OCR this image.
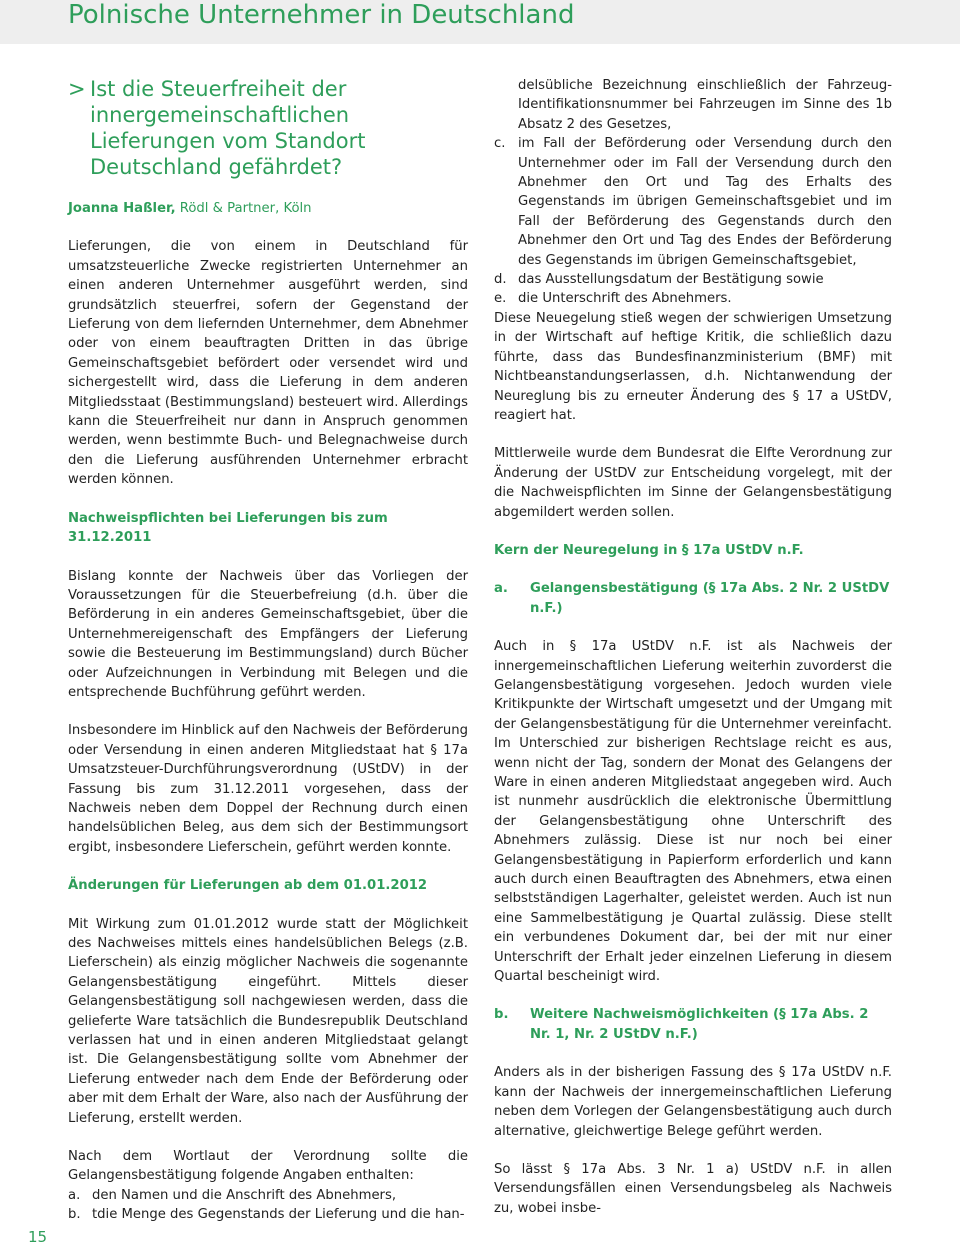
Polnische Unternehmer in Deutschland
> Ist die Steuerfreiheit der innergemeinschaftlichen Lieferungen vom Standort Deutschland gefährdet?

Joanna Haßler, Rödl & Partner, Köln

Lieferungen, die von einem in Deutschland für umsatzsteuerliche Zwecke registrierten Unternehmer an einen anderen Unternehmer ausgeführt werden, sind grundsätzlich steuerfrei, sofern der Gegenstand der Lieferung von dem liefernden Unternehmer, dem Abnehmer oder von einem beauftragten Dritten in das übrige Gemeinschaftsgebiet befördert oder versendet wird und sichergestellt wird, dass die Lieferung in dem anderen Mitgliedsstaat (Bestimmungsland) besteuert wird. Allerdings kann die Steuerfreiheit nur dann in Anspruch genommen werden, wenn bestimmte Buch- und Belegnachweise durch den die Lieferung ausführenden Unternehmer erbracht werden können.

Nachweispflichten bei Lieferungen bis zum 31.12.2011

Bislang konnte der Nachweis über das Vorliegen der Voraussetzungen für die Steuerbefreiung (d.h. über die Beförderung in ein anderes Gemeinschaftsgebiet, über die Unternehmereigenschaft des Empfängers der Lieferung sowie die Besteuerung im Bestimmungsland) durch Bücher oder Aufzeichnungen in Verbindung mit Belegen und die entsprechende Buchführung geführt werden.

Insbesondere im Hinblick auf den Nachweis der Beförderung oder Versendung in einen anderen Mitgliedstaat hat § 17a Umsatzsteuer-Durchführungsverordnung (UStDV) in der Fassung bis zum 31.12.2011 vorgesehen, dass der Nachweis neben dem Doppel der Rechnung durch einen handelsüblichen Beleg, aus dem sich der Bestimmungsort ergibt, insbesondere Lieferschein, geführt werden konnte.

Änderungen für Lieferungen ab dem 01.01.2012

Mit Wirkung zum 01.01.2012 wurde statt der Möglichkeit des Nachweises mittels eines handelsüblichen Belegs (z.B. Lieferschein) als einzig möglicher Nachweis die sogenannte Gelangensbestätigung eingeführt. Mittels dieser Gelangensbestätigung soll nachgewiesen werden, dass die gelieferte Ware tatsächlich die Bundesrepublik Deutschland verlassen hat und in einen anderen Mitgliedstaat gelangt ist. Die Gelangensbestätigung sollte vom Abnehmer der Lieferung entweder nach dem Ende der Beförderung oder aber mit dem Erhalt der Ware, also nach der Ausführung der Lieferung, erstellt werden.

Nach dem Wortlaut der Verordnung sollte die Gelangensbestätigung folgende Angaben enthalten:

a. den Namen und die Anschrift des Abnehmers,
b. tdie Menge des Gegenstands der Lieferung und die han-

delsübliche Bezeichnung einschließlich der Fahrzeug-Identifikationsnummer bei Fahrzeugen im Sinne des 1b Absatz 2 des Gesetzes,

c. im Fall der Beförderung oder Versendung durch den Unternehmer oder im Fall der Versendung durch den Abnehmer den Ort und Tag des Erhalts des Gegenstands im übrigen Gemeinschaftsgebiet und im Fall der Beförderung des Gegenstands durch den Abnehmer den Ort und Tag des Endes der Beförderung des Gegenstands im übrigen Gemeinschaftsgebiet,
d. das Ausstellungsdatum der Bestätigung sowie
e. die Unterschrift des Abnehmers.

Diese Neuegelung stieß wegen der schwierigen Umsetzung in der Wirtschaft auf heftige Kritik, die schließlich dazu führte, dass das Bundesfinanzministerium (BMF) mit Nichtbeanstandungserlassen, d.h. Nichtanwendung der Neureglung bis zu erneuter Änderung des § 17 a UStDV, reagiert hat.

Mittlerweile wurde dem Bundesrat die Elfte Verordnung zur Änderung der UStDV zur Entscheidung vorgelegt, mit der die Nachweispflichten im Sinne der Gelangensbestätigung abgemildert werden sollen.

Kern der Neuregelung in § 17a UStDV n.F.

a.	Gelangensbestätigung (§ 17a Abs. 2 Nr. 2 UStDV n.F.)

Auch in § 17a UStDV n.F. ist als Nachweis der innergemeinschaftlichen Lieferung weiterhin zuvorderst die Gelangensbestätigung vorgesehen. Jedoch wurden viele Kritikpunkte der Wirtschaft umgesetzt und der Umgang mit der Gelangensbestätigung für die Unternehmer vereinfacht. Im Unterschied zur bisherigen Rechtslage reicht es aus, wenn nicht der Tag, sondern der Monat des Gelangens der Ware in einen anderen Mitgliedstaat angegeben wird. Auch ist nunmehr ausdrücklich die elektronische Übermittlung der Gelangensbestätigung ohne Unterschrift des Abnehmers zulässig. Diese ist nur noch bei einer Gelangensbestätigung in Papierform erforderlich und kann auch durch einen Beauftragten des Abnehmers, etwa einen selbstständigen Lagerhalter, geleistet werden. Auch ist nun eine Sammelbestätigung je Quartal zulässig. Diese stellt ein verbundenes Dokument dar, bei der mit nur einer Unterschrift der Erhalt jeder einzelnen Lieferung in diesem Quartal bescheinigt wird.

b.	Weitere Nachweismöglichkeiten (§ 17a Abs. 2 Nr. 1, Nr. 2 UStDV n.F.)

Anders als in der bisherigen Fassung des § 17a UStDV n.F. kann der Nachweis der innergemeinschaftlichen Lieferung neben dem Vorlegen der Gelangensbestätigung auch durch alternative, gleichwertige Belege geführt werden.

So lässt § 17a Abs. 3 Nr. 1 a) UStDV n.F. in allen Versendungsfällen einen Versendungsbeleg als Nachweis zu, wobei insbe-

15
